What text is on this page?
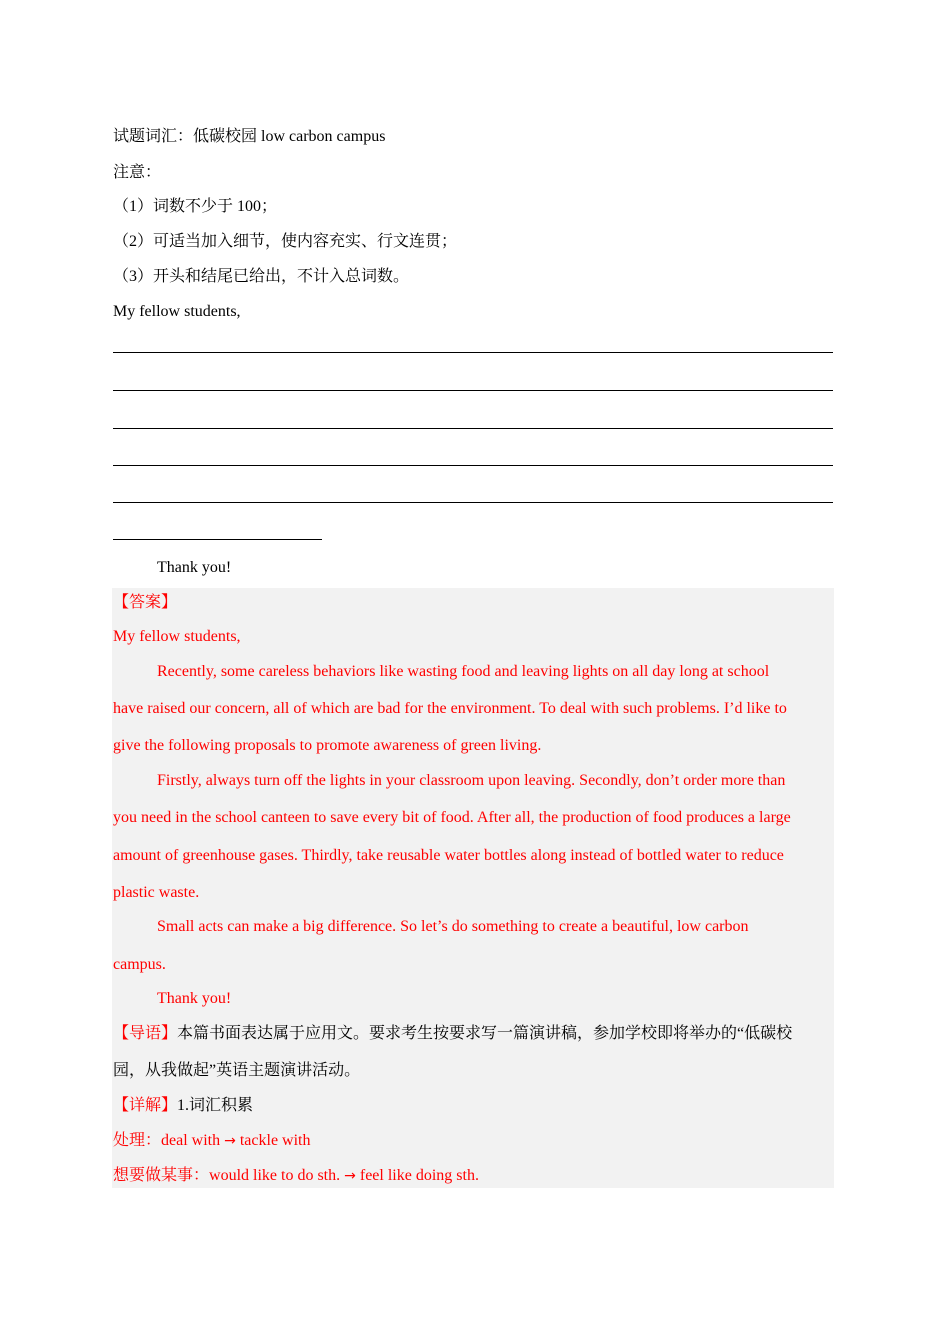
试题词汇：低碳校园 low carbon campus
注意：
（1）词数不少于 100；
（2）可适当加入细节，使内容充实、行文连贯；
（3）开头和结尾已给出，不计入总词数。
My fellow students,
Thank you!
【答案】
My fellow students,
Recently, some careless behaviors like wasting food and leaving lights on all day long at school
have raised our concern, all of which are bad for the environment. To deal with such problems. I’d like to
give the following proposals to promote awareness of green living.
Firstly, always turn off the lights in your classroom upon leaving. Secondly, don’t order more than
you need in the school canteen to save every bit of food. After all, the production of food produces a large
amount of greenhouse gases. Thirdly, take reusable water bottles along instead of bottled water to reduce
plastic waste.
Small acts can make a big difference. So let’s do something to create a beautiful, low carbon
campus.
Thank you!
【导语】本篇书面表达属于应用文。要求考生按要求写一篇演讲稿，参加学校即将举办的“低碳校
园，从我做起”英语主题演讲活动。
【详解】1.词汇积累
处理：deal with → tackle with
想要做某事：would like to do sth. → feel like doing sth.
